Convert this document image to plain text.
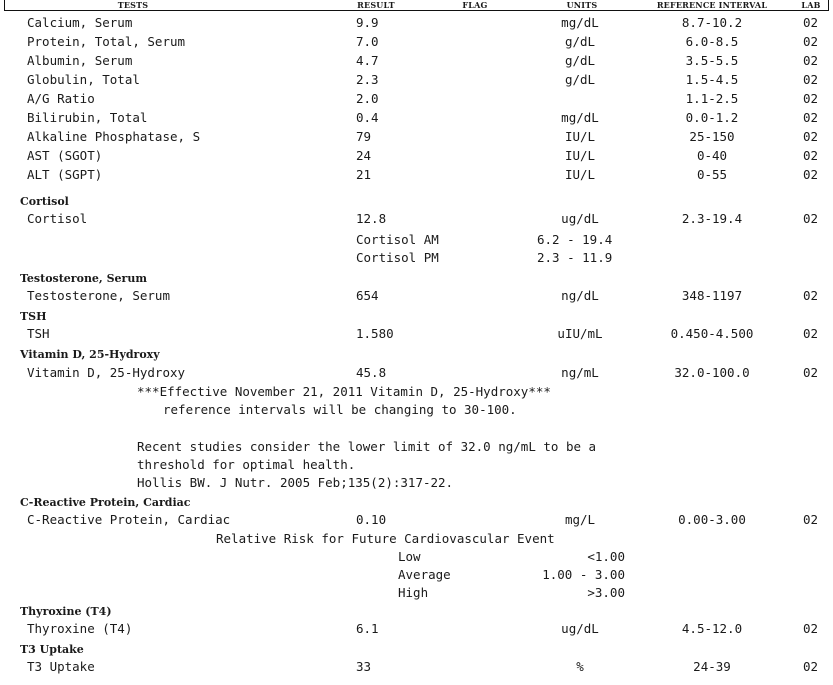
TESTS	RESULT	FLAG	UNITS	REFERENCE INTERVAL	LAB
Calcium, Serum	9.9	mg/dL	8.7-10.2	02
Protein, Total, Serum	7.0	g/dL	6.0-8.5	02
Albumin, Serum	4.7	g/dL	3.5-5.5	02
Globulin, Total	2.3	g/dL	1.5-4.5	02
A/G Ratio	2.0	1.1-2.5	02
Bilirubin, Total	0.4	mg/dL	0.0-1.2	02
Alkaline Phosphatase, S	79	IU/L	25-150	02
AST (SGOT)	24	IU/L	0-40	02
ALT (SGPT)	21	IU/L	0-55	02
Cortisol
Cortisol	12.8	ug/dL	2.3-19.4	02
Cortisol AM	6.2 - 19.4
Cortisol PM	2.3 - 11.9
Testosterone, Serum
Testosterone, Serum	654	ng/dL	348-1197	02
TSH
TSH	1.580	uIU/mL	0.450-4.500	02
Vitamin D, 25-Hydroxy
Vitamin D, 25-Hydroxy	45.8	ng/mL	32.0-100.0	02
***Effective November 21, 2011 Vitamin D, 25-Hydroxy***
reference intervals will be changing to 30-100.
Recent studies consider the lower limit of 32.0 ng/mL to be a
threshold for optimal health.
Hollis BW. J Nutr. 2005 Feb;135(2):317-22.
C-Reactive Protein, Cardiac
C-Reactive Protein, Cardiac	0.10	mg/L	0.00-3.00	02
Relative Risk for Future Cardiovascular Event
Low	<1.00
Average	1.00 - 3.00
High	>3.00
Thyroxine (T4)
Thyroxine (T4)	6.1	ug/dL	4.5-12.0	02
T3 Uptake
T3 Uptake	33	%	24-39	02
